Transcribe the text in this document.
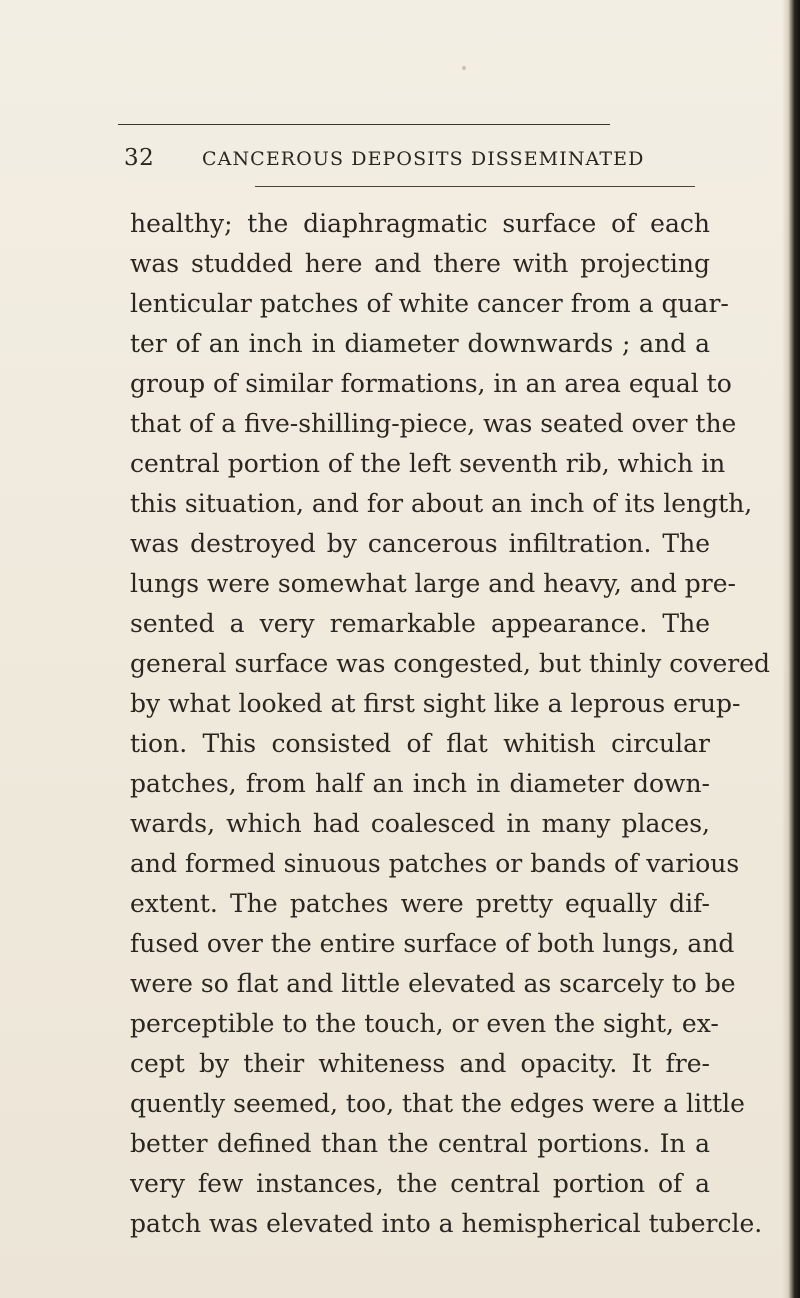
32	CANCEROUS DEPOSITS DISSEMINATED
healthy; the diaphragmatic surface of each
was studded here and there with projecting
lenticular patches of white cancer from a quar-
ter of an inch in diameter downwards ; and a
group of similar formations, in an area equal to
that of a five-shilling-piece, was seated over the
central portion of the left seventh rib, which in
this situation, and for about an inch of its length,
was destroyed by cancerous infiltration. The
lungs were somewhat large and heavy, and pre-
sented a very remarkable appearance. The
general surface was congested, but thinly covered
by what looked at first sight like a leprous erup-
tion. This consisted of flat whitish circular
patches, from half an inch in diameter down-
wards, which had coalesced in many places,
and formed sinuous patches or bands of various
extent. The patches were pretty equally dif-
fused over the entire surface of both lungs, and
were so flat and little elevated as scarcely to be
perceptible to the touch, or even the sight, ex-
cept by their whiteness and opacity. It fre-
quently seemed, too, that the edges were a little
better defined than the central portions. In a
very few instances, the central portion of a
patch was elevated into a hemispherical tubercle.
